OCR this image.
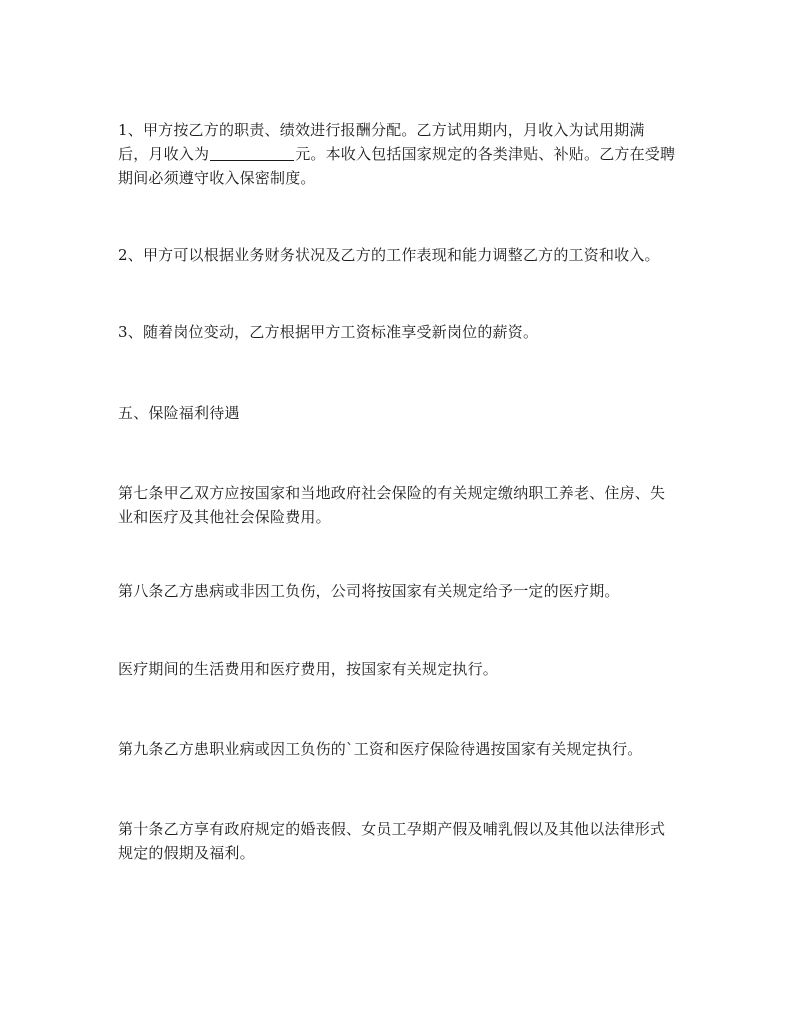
1、甲方按乙方的职责、绩效进行报酬分配。乙方试用期内，月收入为试用期满
后，月收入为	元。本收入包括国家规定的各类津贴、补贴。乙方在受聘
期间必须遵守收入保密制度。

2、甲方可以根据业务财务状况及乙方的工作表现和能力调整乙方的工资和收入。

3、随着岗位变动，乙方根据甲方工资标准享受新岗位的薪资。

五、保险福利待遇

第七条甲乙双方应按国家和当地政府社会保险的有关规定缴纳职工养老、住房、失
业和医疗及其他社会保险费用。

第八条乙方患病或非因工负伤，公司将按国家有关规定给予一定的医疗期。

医疗期间的生活费用和医疗费用，按国家有关规定执行。

第九条乙方患职业病或因工负伤的`工资和医疗保险待遇按国家有关规定执行。

第十条乙方享有政府规定的婚丧假、女员工孕期产假及哺乳假以及其他以法律形式
规定的假期及福利。
